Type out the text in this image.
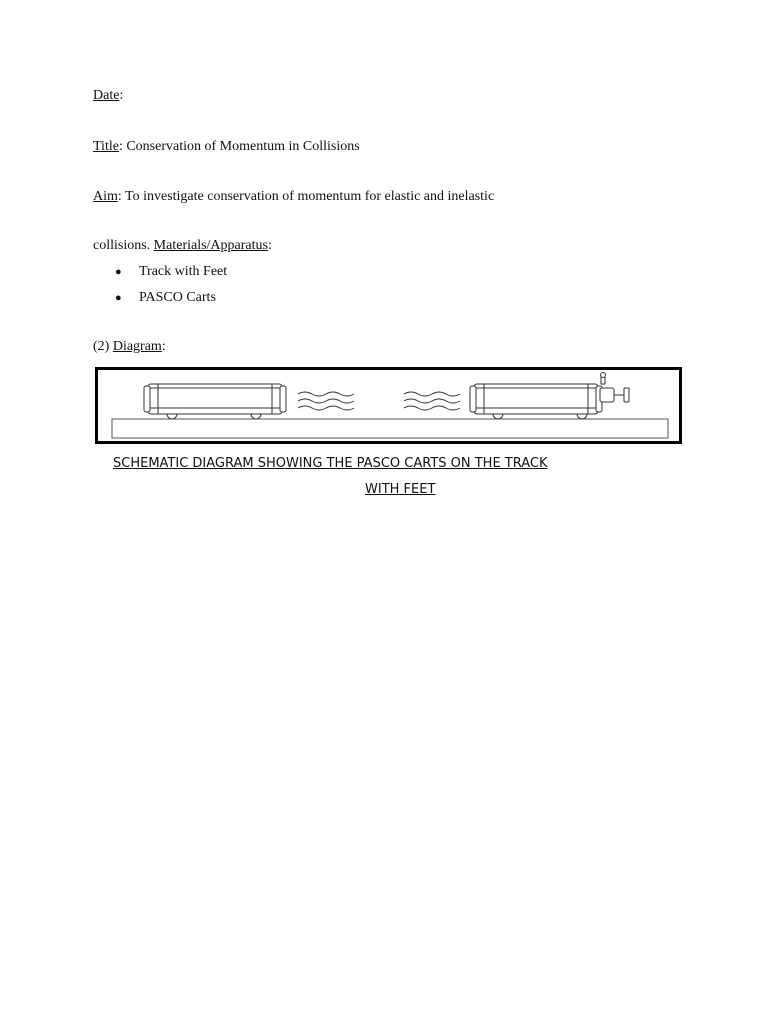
Date:
Title: Conservation of Momentum in Collisions
Aim: To investigate conservation of momentum for elastic and inelastic
collisions. Materials/Apparatus:
● Track with Feet
● PASCO Carts
(2) Diagram:
SCHEMATIC DIAGRAM SHOWING THE PASCO CARTS ON THE TRACK
WITH FEET
